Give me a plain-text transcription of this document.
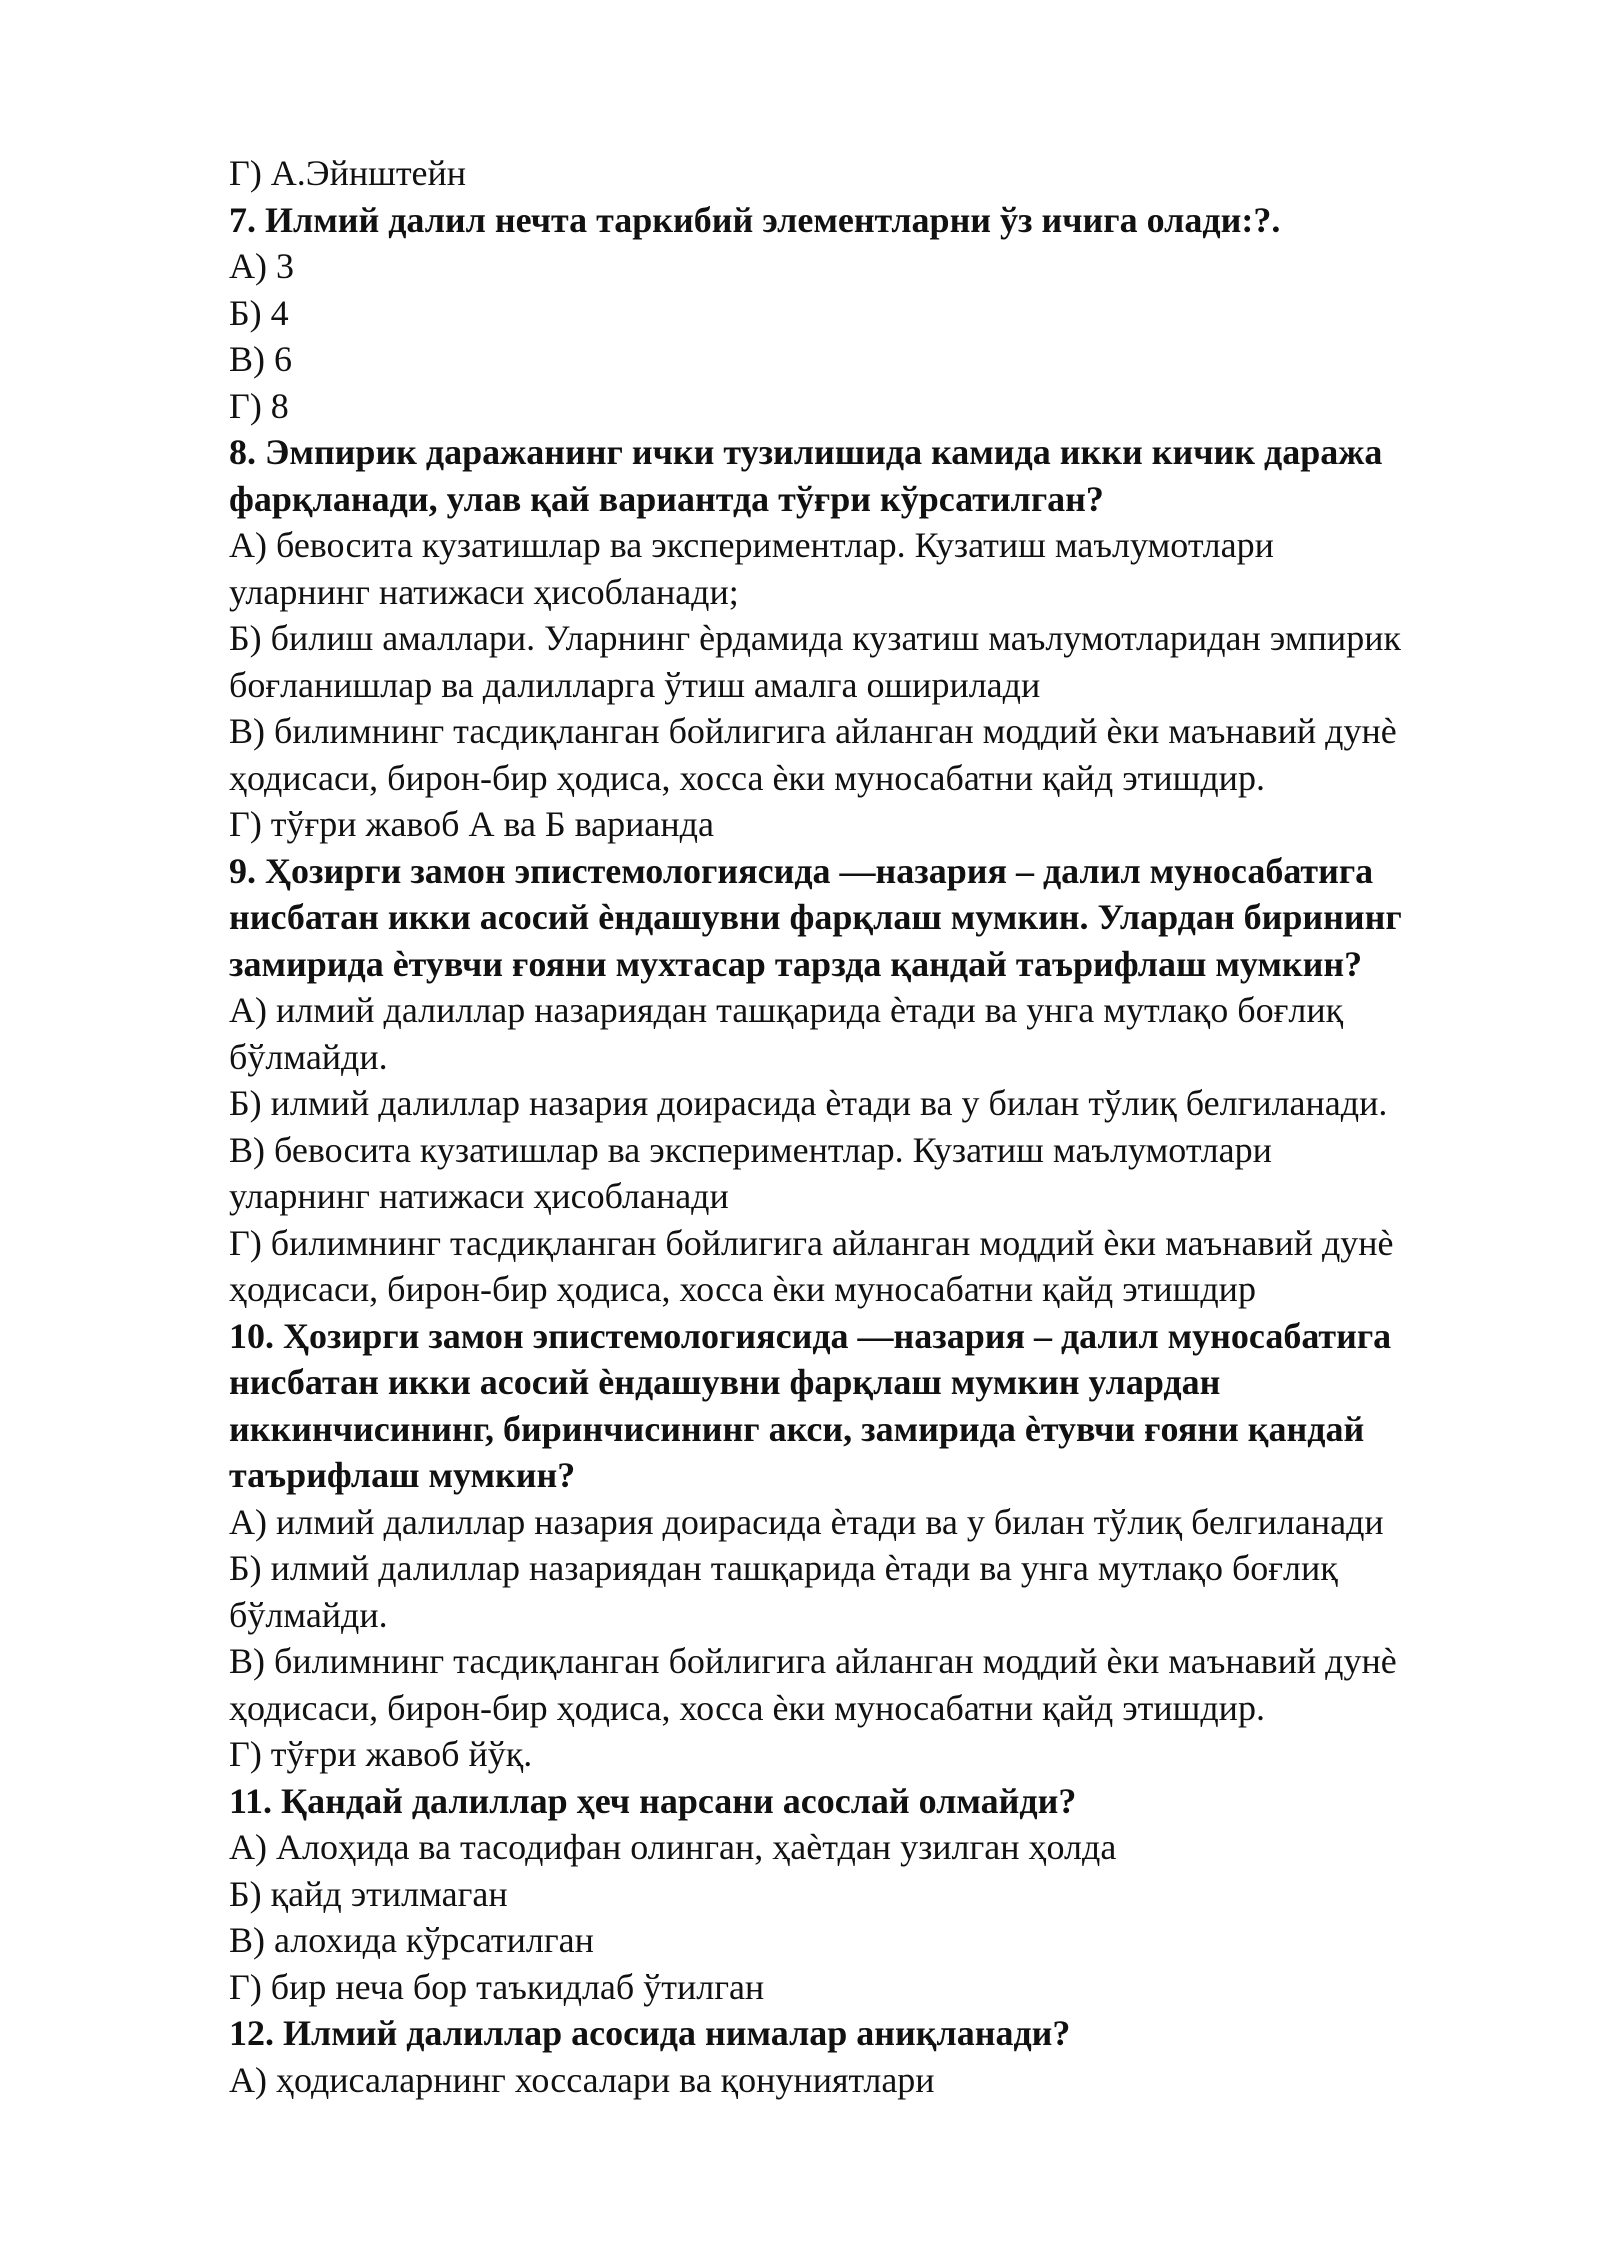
Г) А.Эйнштейн
7. Илмий далил нечта таркибий элементларни ўз ичига олади:?.
А) 3
Б) 4
В) 6
Г) 8
8. Эмпирик даражанинг ички тузилишида камида икки кичик даража
фарқланади, улав қай вариантда тўғри кўрсатилган?
А) бевосита кузатишлар ва экспериментлар. Кузатиш маълумотлари
уларнинг натижаси ҳисобланади;
Б) билиш амаллари. Уларнинг ѐрдамида кузатиш маълумотларидан эмпирик
боғланишлар ва далилларга ўтиш амалга оширилади
В) билимнинг тасдиқланган бойлигига айланган моддий ѐки маънавий дунѐ
ҳодисаси, бирон-бир ҳодиса, хосса ѐки муносабатни қайд этишдир.
Г) тўғри жавоб А ва Б варианда
9. Ҳозирги замон эпистемологиясида —назария – далил муносабатига
нисбатан икки асосий ѐндашувни фарқлаш мумкин. Улардан бирининг
замирида ѐтувчи ғояни мухтасар тарзда қандай таърифлаш мумкин?
А) илмий далиллар назариядан ташқарида ѐтади ва унга мутлақо боғлиқ
бўлмайди.
Б) илмий далиллар назария доирасида ѐтади ва у билан тўлиқ белгиланади.
В) бевосита кузатишлар ва экспериментлар. Кузатиш маълумотлари
уларнинг натижаси ҳисобланади
Г) билимнинг тасдиқланган бойлигига айланган моддий ѐки маънавий дунѐ
ҳодисаси, бирон-бир ҳодиса, хосса ѐки муносабатни қайд этишдир
10. Ҳозирги замон эпистемологиясида —назария – далил муносабатига
нисбатан икки асосий ѐндашувни фарқлаш мумкин улардан
иккинчисининг, биринчисининг акси, замирида ѐтувчи ғояни қандай
таърифлаш мумкин?
А) илмий далиллар назария доирасида ѐтади ва у билан тўлиқ белгиланади
Б) илмий далиллар назариядан ташқарида ѐтади ва унга мутлақо боғлиқ
бўлмайди.
В) билимнинг тасдиқланган бойлигига айланган моддий ѐки маънавий дунѐ
ҳодисаси, бирон-бир ҳодиса, хосса ѐки муносабатни қайд этишдир.
Г) тўғри жавоб йўқ.
11. Қандай далиллар ҳеч нарсани асослай олмайди?
А) Алоҳида ва тасодифан олинган, ҳаѐтдан узилган ҳолда
Б) қайд этилмаган
В) алохида кўрсатилган
Г) бир неча бор таъкидлаб ўтилган
12. Илмий далиллар асосида нималар аниқланади?
А) ҳодисаларнинг хоссалари ва қонуниятлари
